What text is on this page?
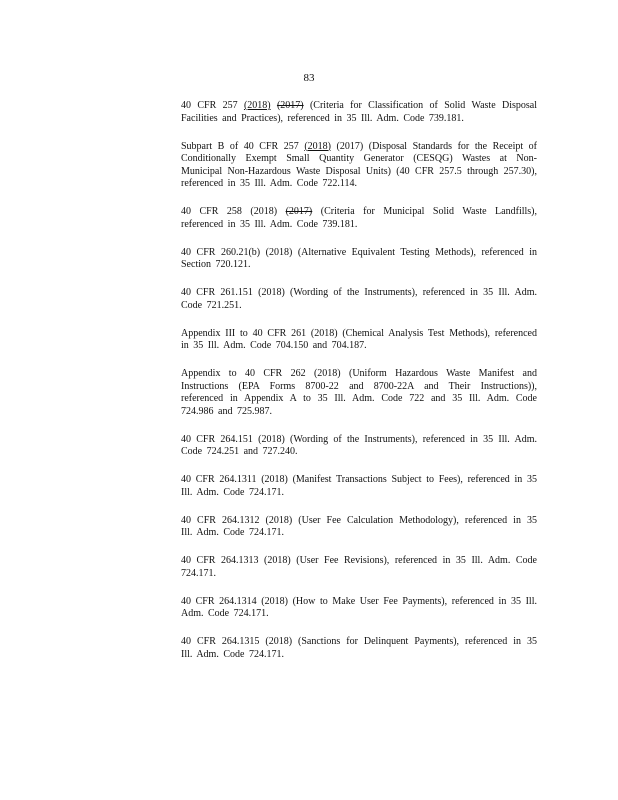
83

40 CFR 257 (2018) (2017) (Criteria for Classification of Solid Waste Disposal Facilities and Practices), referenced in 35 Ill. Adm. Code 739.181.

Subpart B of 40 CFR 257 (2018) (2017) (Disposal Standards for the Receipt of Conditionally Exempt Small Quantity Generator (CESQG) Wastes at Non-Municipal Non-Hazardous Waste Disposal Units) (40 CFR 257.5 through 257.30), referenced in 35 Ill. Adm. Code 722.114.

40 CFR 258 (2018) (2017) (Criteria for Municipal Solid Waste Landfills), referenced in 35 Ill. Adm. Code 739.181.

40 CFR 260.21(b) (2018) (Alternative Equivalent Testing Methods), referenced in Section 720.121.

40 CFR 261.151 (2018) (Wording of the Instruments), referenced in 35 Ill. Adm. Code 721.251.

Appendix III to 40 CFR 261 (2018) (Chemical Analysis Test Methods), referenced in 35 Ill. Adm. Code 704.150 and 704.187.

Appendix to 40 CFR 262 (2018) (Uniform Hazardous Waste Manifest and Instructions (EPA Forms 8700-22 and 8700-22A and Their Instructions)), referenced in Appendix A to 35 Ill. Adm. Code 722 and 35 Ill. Adm. Code 724.986 and 725.987.

40 CFR 264.151 (2018) (Wording of the Instruments), referenced in 35 Ill. Adm. Code 724.251 and 727.240.

40 CFR 264.1311 (2018) (Manifest Transactions Subject to Fees), referenced in 35 Ill. Adm. Code 724.171.

40 CFR 264.1312 (2018) (User Fee Calculation Methodology), referenced in 35 Ill. Adm. Code 724.171.

40 CFR 264.1313 (2018) (User Fee Revisions), referenced in 35 Ill. Adm. Code 724.171.

40 CFR 264.1314 (2018) (How to Make User Fee Payments), referenced in 35 Ill. Adm. Code 724.171.

40 CFR 264.1315 (2018) (Sanctions for Delinquent Payments), referenced in 35 Ill. Adm. Code 724.171.
